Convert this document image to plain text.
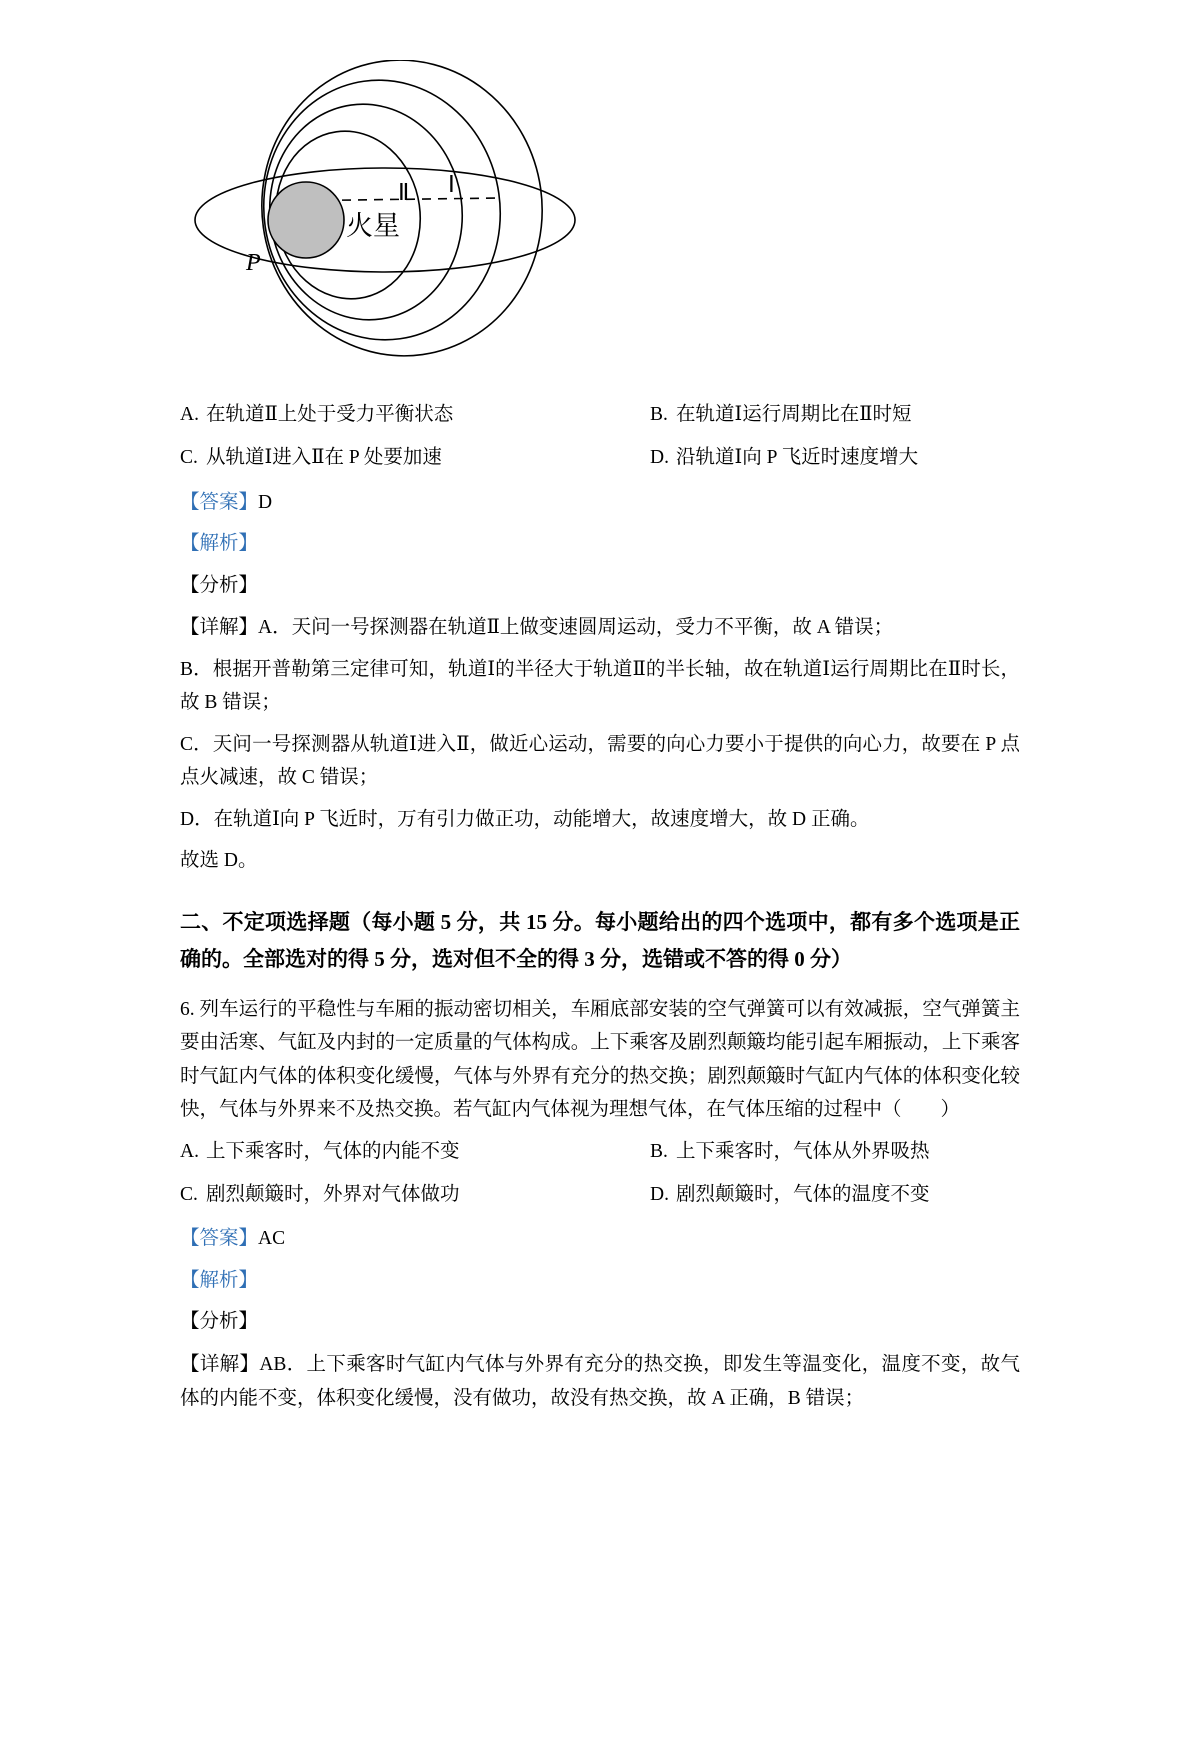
火星
Ⅱ Ⅰ
P
A. 在轨道Ⅱ上处于受力平衡状态	B. 在轨道Ⅰ运行周期比在Ⅱ时短
C. 从轨道Ⅰ进入Ⅱ在 P 处要加速	D. 沿轨道Ⅰ向 P 飞近时速度增大
【答案】D
【解析】
【分析】
【详解】A．天问一号探测器在轨道Ⅱ上做变速圆周运动，受力不平衡，故 A 错误；
B．根据开普勒第三定律可知，轨道Ⅰ的半径大于轨道Ⅱ的半长轴，故在轨道Ⅰ运行周期比在Ⅱ时长，故 B 错误；
C．天问一号探测器从轨道Ⅰ进入Ⅱ，做近心运动，需要的向心力要小于提供的向心力，故要在 P 点点火减速，故 C 错误；
D．在轨道Ⅰ向 P 飞近时，万有引力做正功，动能增大，故速度增大，故 D 正确。
故选 D。
二、不定项选择题（每小题 5 分，共 15 分。每小题给出的四个选项中，都有多个选项是正确的。全部选对的得 5 分，选对但不全的得 3 分，选错或不答的得 0 分）
6. 列车运行的平稳性与车厢的振动密切相关，车厢底部安装的空气弹簧可以有效减振，空气弹簧主要由活寒、气缸及内封的一定质量的气体构成。上下乘客及剧烈颠簸均能引起车厢振动，上下乘客时气缸内气体的体积变化缓慢，气体与外界有充分的热交换；剧烈颠簸时气缸内气体的体积变化较快，气体与外界来不及热交换。若气缸内气体视为理想气体，在气体压缩的过程中（　　）
A. 上下乘客时，气体的内能不变	B. 上下乘客时，气体从外界吸热
C. 剧烈颠簸时，外界对气体做功	D. 剧烈颠簸时，气体的温度不变
【答案】AC
【解析】
【分析】
【详解】AB．上下乘客时气缸内气体与外界有充分的热交换，即发生等温变化，温度不变，故气体的内能不变，体积变化缓慢，没有做功，故没有热交换，故 A 正确，B 错误；
